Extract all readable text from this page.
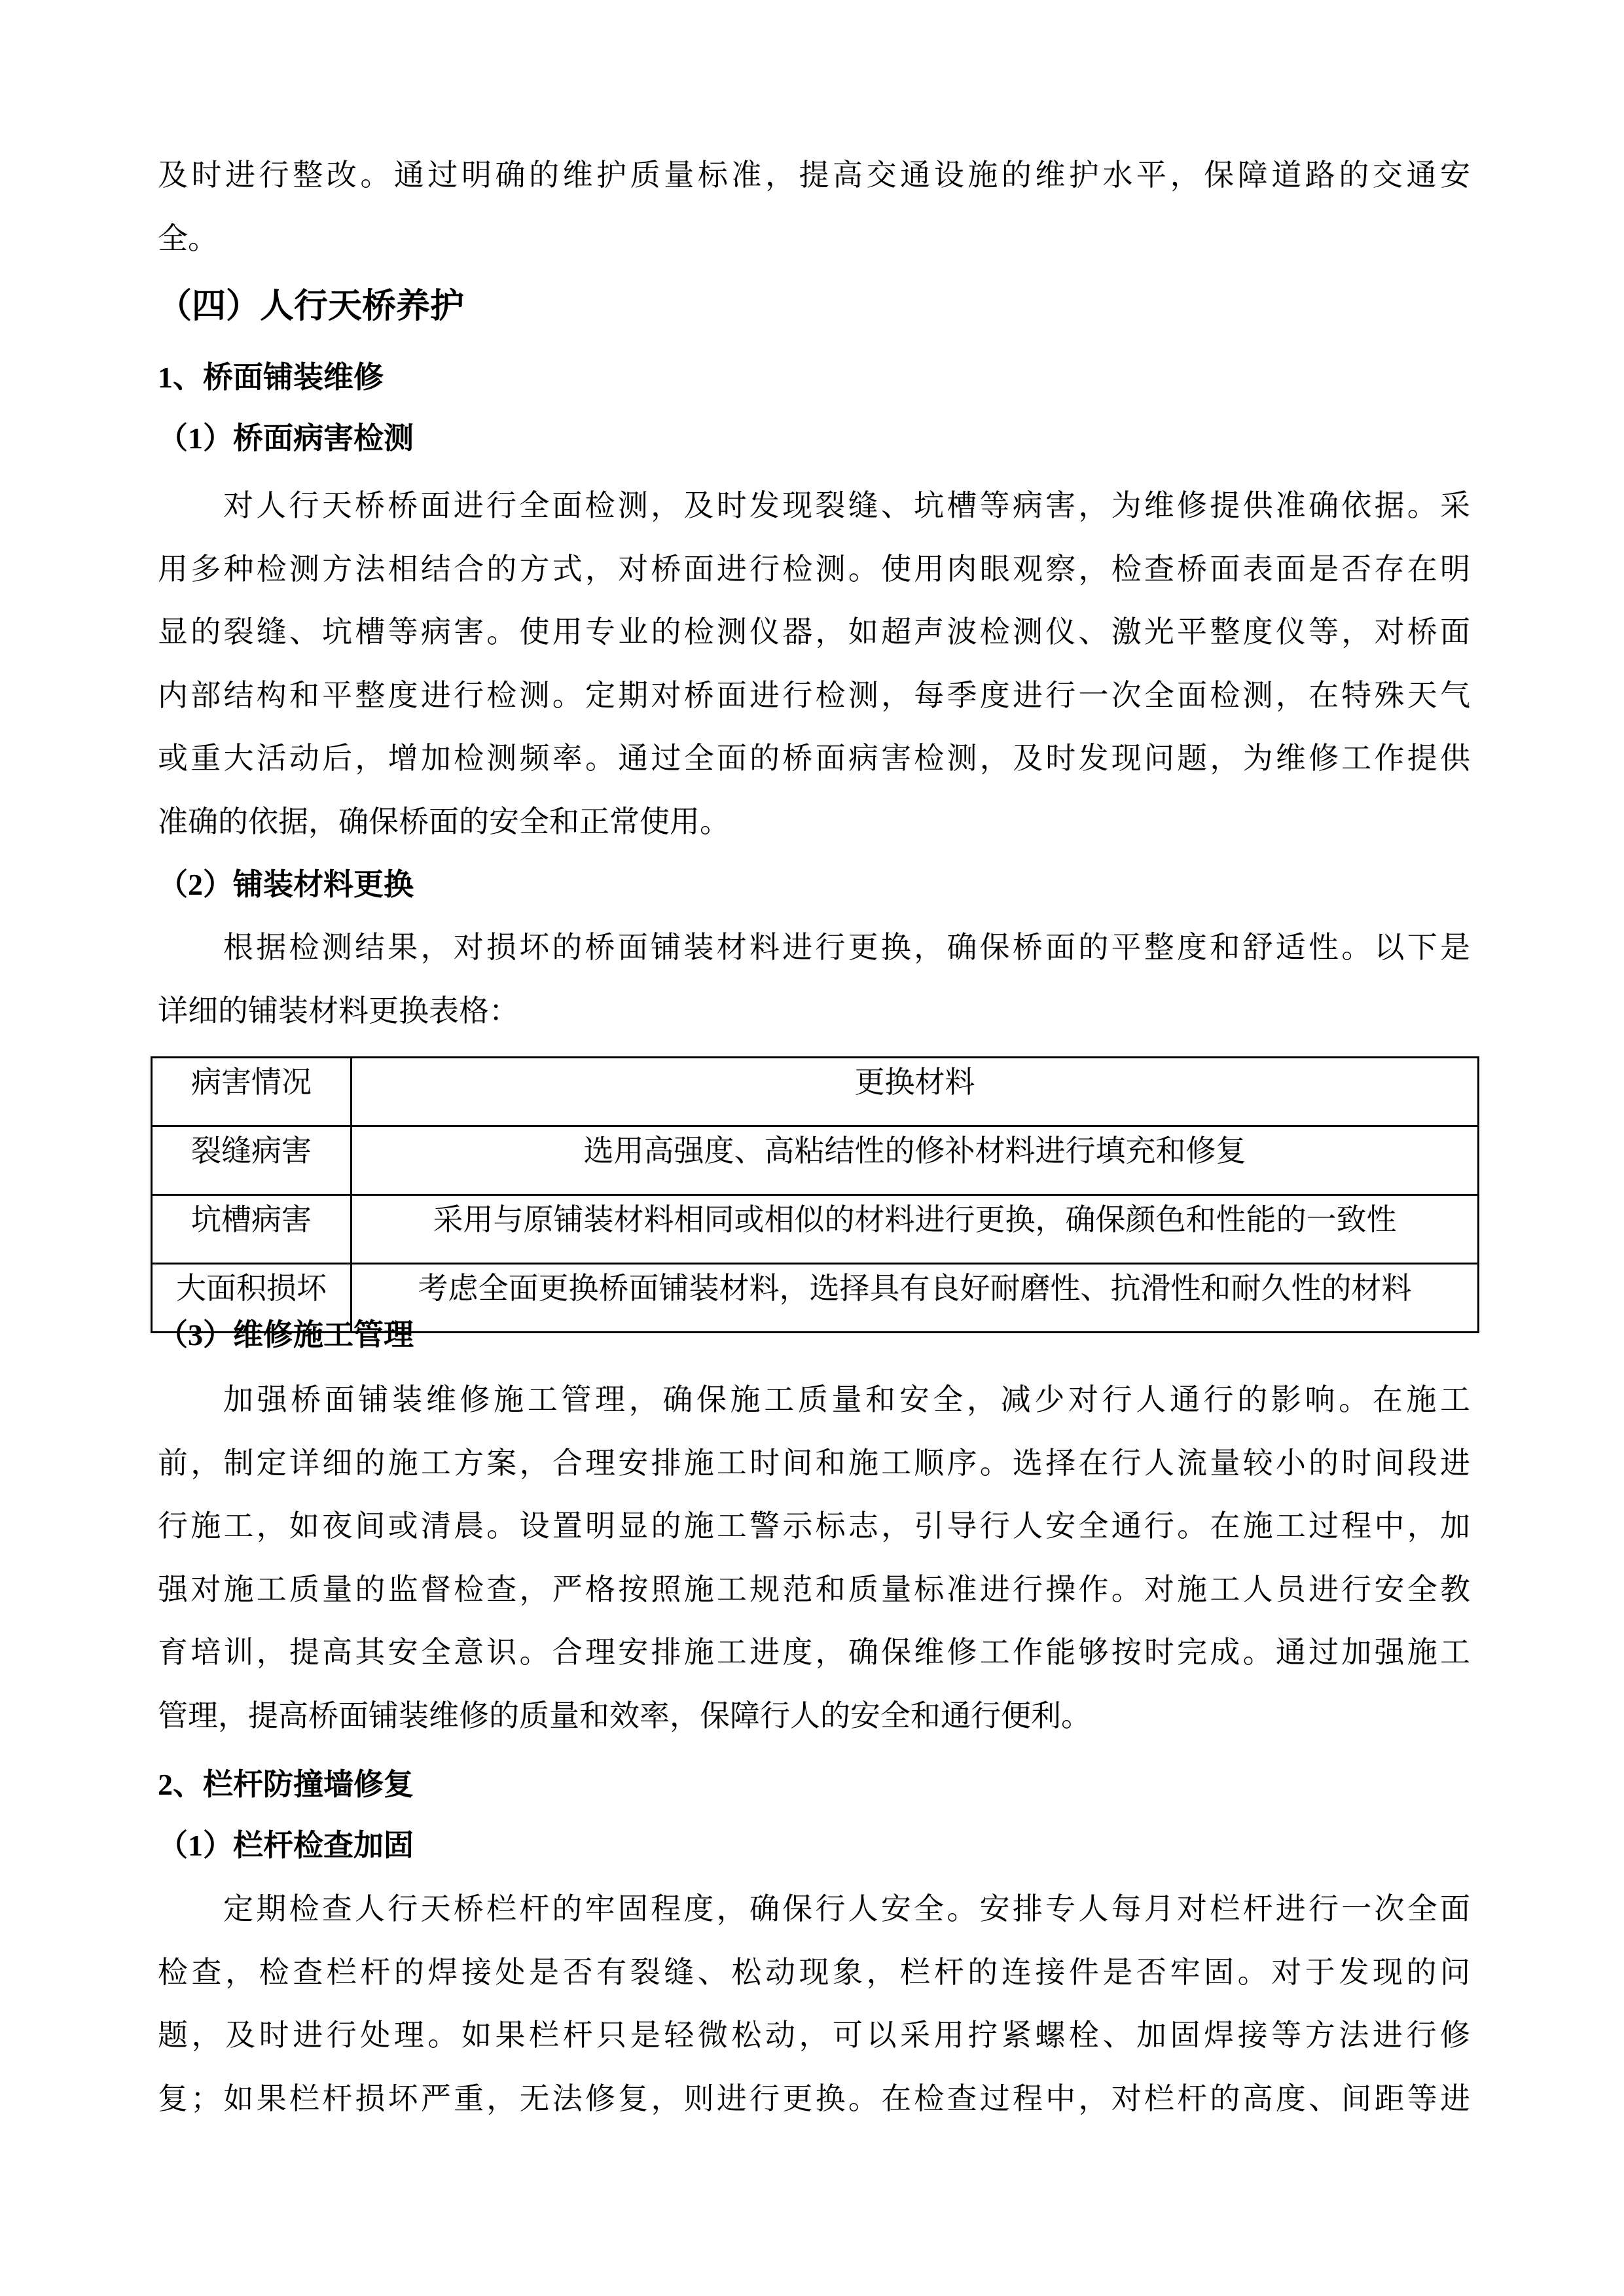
及时进行整改。通过明确的维护质量标准，提高交通设施的维护水平，保障道路的交通安
全。
（四）人行天桥养护
1、桥面铺装维修
（1）桥面病害检测
对人行天桥桥面进行全面检测，及时发现裂缝、坑槽等病害，为维修提供准确依据。采
用多种检测方法相结合的方式，对桥面进行检测。使用肉眼观察，检查桥面表面是否存在明
显的裂缝、坑槽等病害。使用专业的检测仪器，如超声波检测仪、激光平整度仪等，对桥面
内部结构和平整度进行检测。定期对桥面进行检测，每季度进行一次全面检测，在特殊天气
或重大活动后，增加检测频率。通过全面的桥面病害检测，及时发现问题，为维修工作提供
准确的依据，确保桥面的安全和正常使用。
（2）铺装材料更换
根据检测结果，对损坏的桥面铺装材料进行更换，确保桥面的平整度和舒适性。以下是
详细的铺装材料更换表格：
病害情况	更换材料
裂缝病害	选用高强度、高粘结性的修补材料进行填充和修复
坑槽病害	采用与原铺装材料相同或相似的材料进行更换，确保颜色和性能的一致性
大面积损坏	考虑全面更换桥面铺装材料，选择具有良好耐磨性、抗滑性和耐久性的材料
（3）维修施工管理
加强桥面铺装维修施工管理，确保施工质量和安全，减少对行人通行的影响。在施工
前，制定详细的施工方案，合理安排施工时间和施工顺序。选择在行人流量较小的时间段进
行施工，如夜间或清晨。设置明显的施工警示标志，引导行人安全通行。在施工过程中，加
强对施工质量的监督检查，严格按照施工规范和质量标准进行操作。对施工人员进行安全教
育培训，提高其安全意识。合理安排施工进度，确保维修工作能够按时完成。通过加强施工
管理，提高桥面铺装维修的质量和效率，保障行人的安全和通行便利。
2、栏杆防撞墙修复
（1）栏杆检查加固
定期检查人行天桥栏杆的牢固程度，确保行人安全。安排专人每月对栏杆进行一次全面
检查，检查栏杆的焊接处是否有裂缝、松动现象，栏杆的连接件是否牢固。对于发现的问
题，及时进行处理。如果栏杆只是轻微松动，可以采用拧紧螺栓、加固焊接等方法进行修
复；如果栏杆损坏严重，无法修复，则进行更换。在检查过程中，对栏杆的高度、间距等进
